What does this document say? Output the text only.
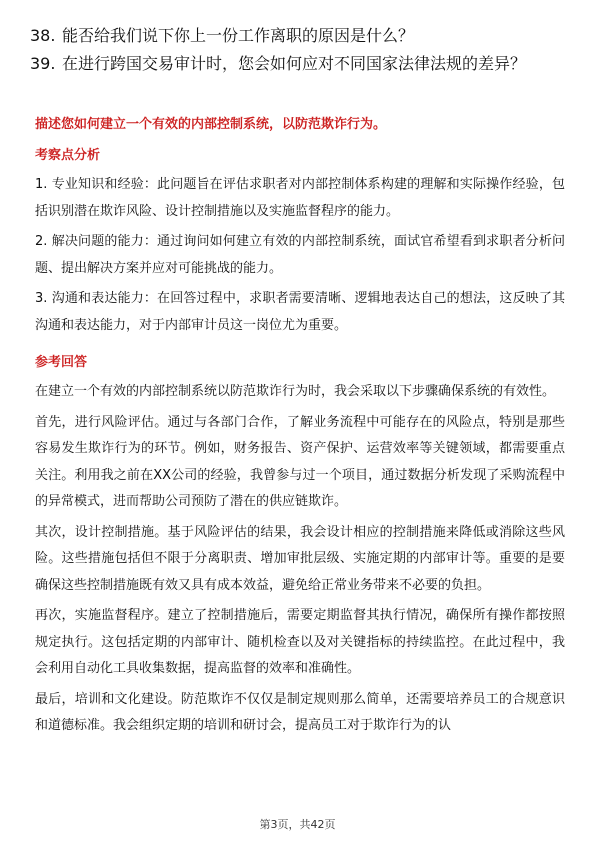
38. 能否给我们说下你上一份工作离职的原因是什么？
39. 在进行跨国交易审计时，您会如何应对不同国家法律法规的差异？

描述您如何建立一个有效的内部控制系统，以防范欺诈行为。

考察点分析

1. 专业知识和经验：此问题旨在评估求职者对内部控制体系构建的理解和实际操作经验，包括识别潜在欺诈风险、设计控制措施以及实施监督程序的能力。

2. 解决问题的能力：通过询问如何建立有效的内部控制系统，面试官希望看到求职者分析问题、提出解决方案并应对可能挑战的能力。

3. 沟通和表达能力：在回答过程中，求职者需要清晰、逻辑地表达自己的想法，这反映了其沟通和表达能力，对于内部审计员这一岗位尤为重要。

参考回答

在建立一个有效的内部控制系统以防范欺诈行为时，我会采取以下步骤确保系统的有效性。

首先，进行风险评估。通过与各部门合作，了解业务流程中可能存在的风险点，特别是那些容易发生欺诈行为的环节。例如，财务报告、资产保护、运营效率等关键领域，都需要重点关注。利用我之前在XX公司的经验，我曾参与过一个项目，通过数据分析发现了采购流程中的异常模式，进而帮助公司预防了潜在的供应链欺诈。

其次，设计控制措施。基于风险评估的结果，我会设计相应的控制措施来降低或消除这些风险。这些措施包括但不限于分离职责、增加审批层级、实施定期的内部审计等。重要的是要确保这些控制措施既有效又具有成本效益，避免给正常业务带来不必要的负担。

再次，实施监督程序。建立了控制措施后，需要定期监督其执行情况，确保所有操作都按照规定执行。这包括定期的内部审计、随机检查以及对关键指标的持续监控。在此过程中，我会利用自动化工具收集数据，提高监督的效率和准确性。

最后，培训和文化建设。防范欺诈不仅仅是制定规则那么简单，还需要培养员工的合规意识和道德标准。我会组织定期的培训和研讨会，提高员工对于欺诈行为的认

第3页，共42页
